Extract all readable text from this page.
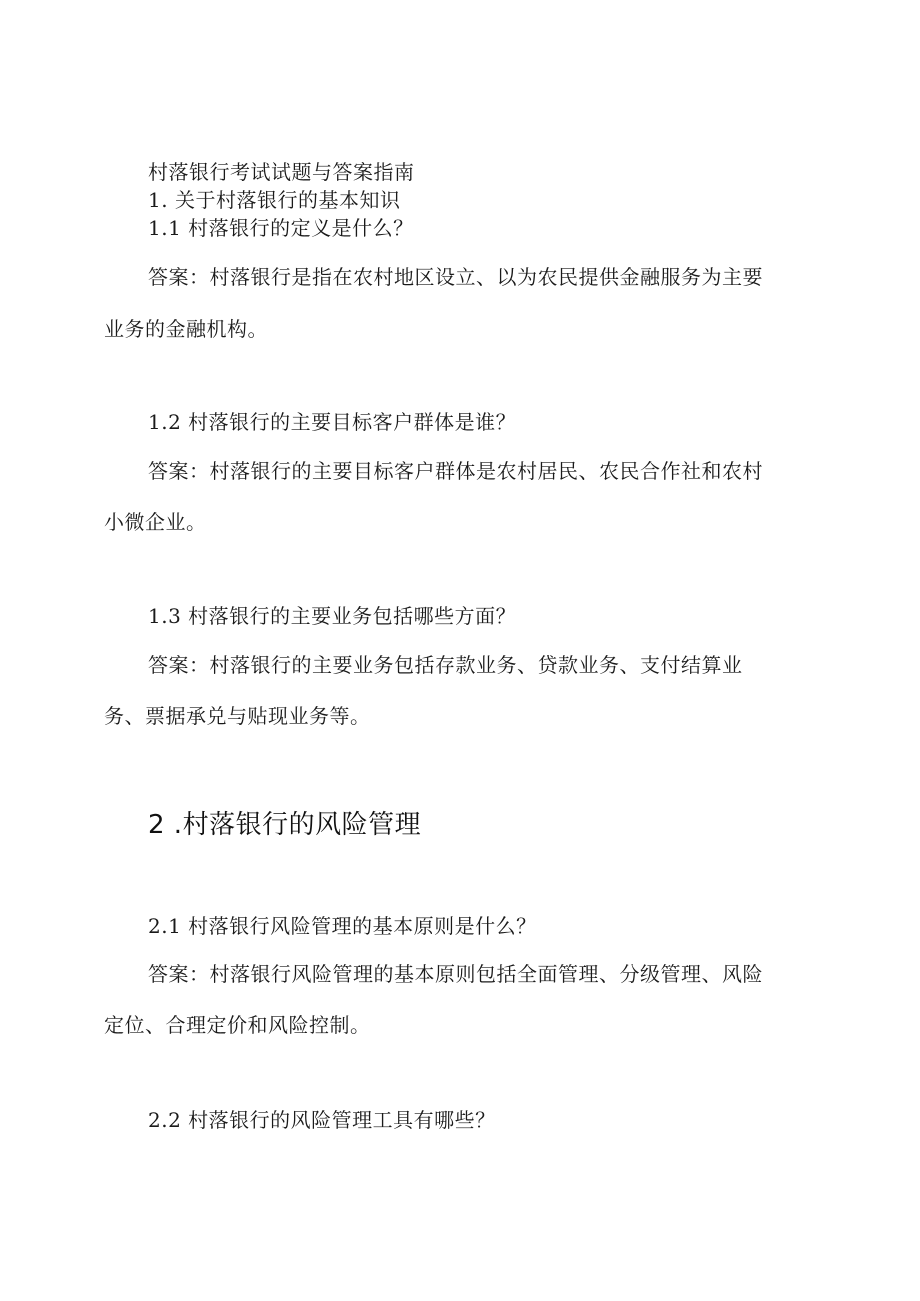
村落银行考试试题与答案指南
1. 关于村落银行的基本知识
1.1 村落银行的定义是什么？
答案：村落银行是指在农村地区设立、以为农民提供金融服务为主要
业务的金融机构。
1.2 村落银行的主要目标客户群体是谁？
答案：村落银行的主要目标客户群体是农村居民、农民合作社和农村
小微企业。
1.3 村落银行的主要业务包括哪些方面？
答案：村落银行的主要业务包括存款业务、贷款业务、支付结算业
务、票据承兑与贴现业务等。
2 .村落银行的风险管理
2.1 村落银行风险管理的基本原则是什么？
答案：村落银行风险管理的基本原则包括全面管理、分级管理、风险
定位、合理定价和风险控制。
2.2 村落银行的风险管理工具有哪些？
